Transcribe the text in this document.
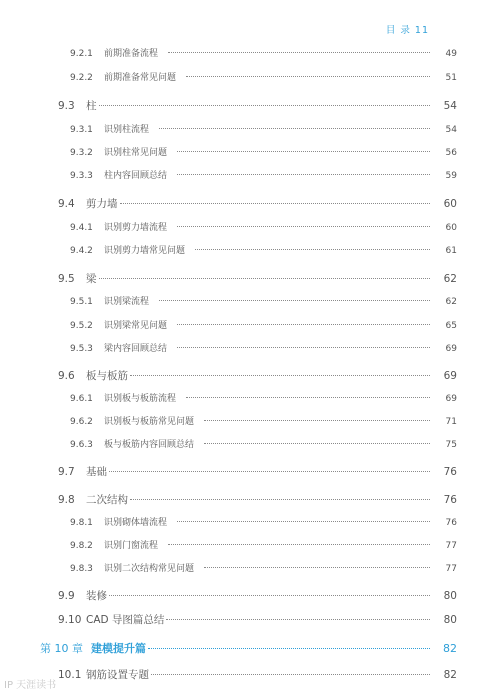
目 录 11
9.2.1	前期准备流程	49
9.2.2	前期准备常见问题	51
9.3	柱	54
9.3.1	识别柱流程	54
9.3.2	识别柱常见问题	56
9.3.3	柱内容回顾总结	59
9.4	剪力墙	60
9.4.1	识别剪力墙流程	60
9.4.2	识别剪力墙常见问题	61
9.5	梁	62
9.5.1	识别梁流程	62
9.5.2	识别梁常见问题	65
9.5.3	梁内容回顾总结	69
9.6	板与板筋	69
9.6.1	识别板与板筋流程	69
9.6.2	识别板与板筋常见问题	71
9.6.3	板与板筋内容回顾总结	75
9.7	基础	76
9.8	二次结构	76
9.8.1	识别砌体墙流程	76
9.8.2	识别门窗流程	77
9.8.3	识别二次结构常见问题	77
9.9	装修	80
9.10 CAD 导图篇总结	80
第 10 章 建模提升篇	82
10.1 钢筋设置专题	82
IP 天涯读书
